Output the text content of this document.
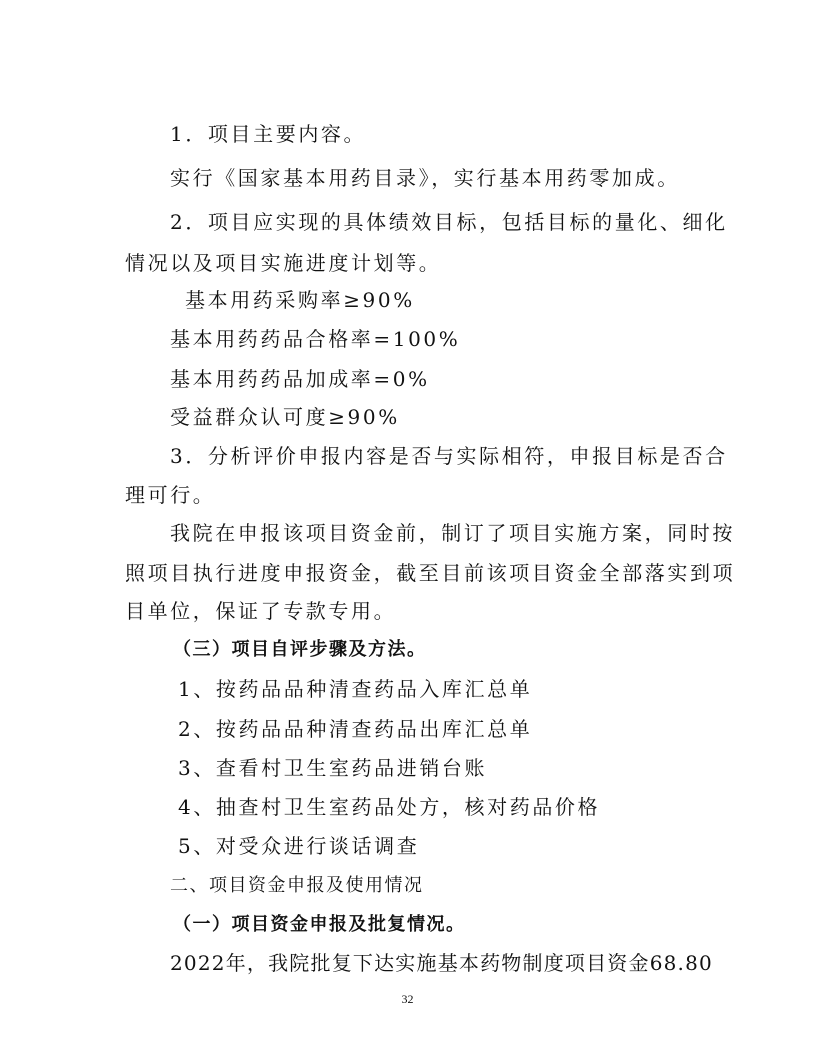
1．项目主要内容。
实行《国家基本用药目录》，实行基本用药零加成。
2．项目应实现的具体绩效目标，包括目标的量化、细化
情况以及项目实施进度计划等。
基本用药采购率≥90%
基本用药药品合格率=100%
基本用药药品加成率=0%
受益群众认可度≥90%
3．分析评价申报内容是否与实际相符，申报目标是否合
理可行。
我院在申报该项目资金前，制订了项目实施方案，同时按
照项目执行进度申报资金，截至目前该项目资金全部落实到项
目单位，保证了专款专用。
（三）项目自评步骤及方法。
1、按药品品种清查药品入库汇总单
2、按药品品种清查药品出库汇总单
3、查看村卫生室药品进销台账
4、抽查村卫生室药品处方，核对药品价格
5、对受众进行谈话调查
二、项目资金申报及使用情况
（一）项目资金申报及批复情况。
2022年，我院批复下达实施基本药物制度项目资金68.80
32
